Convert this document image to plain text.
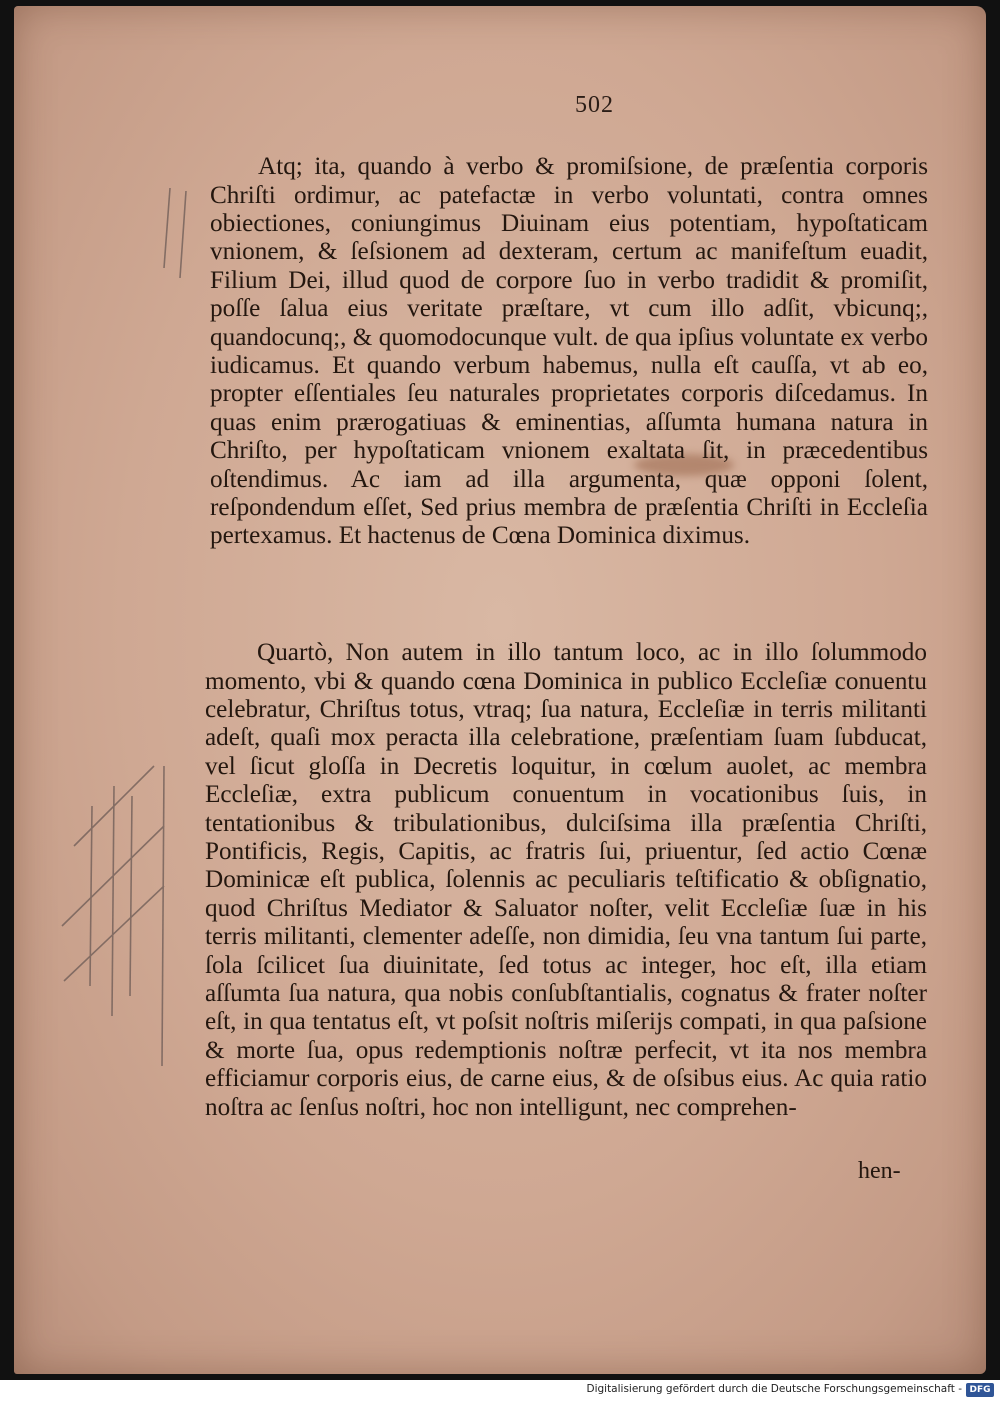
502

Atq; ita, quando à verbo & promiſsione, de præſentia corporis Chriſti ordimur, ac patefactæ in verbo voluntati, contra omnes obiectiones, coniungimus Diuinam eius potentiam, hypoſtaticam vnionem, & ſeſsionem ad dexteram, certum ac manifeſtum euadit, Filium Dei, illud quod de corpore ſuo in verbo tradidit & promiſit, poſſe ſalua eius veritate præſtare, vt cum illo adſit, vbicunq;, quandocunq;, & quomodocunque vult. de qua ipſius voluntate ex verbo iudicamus. Et quando verbum habemus, nulla eſt cauſſa, vt ab eo, propter eſſentiales ſeu naturales proprietates corporis diſcedamus. In quas enim prærogatiuas & eminentias, aſſumta humana natura in Chriſto, per hypoſtaticam vnionem exaltata ſit, in præcedentibus oſtendimus. Ac iam ad illa argumenta, quæ opponi ſolent, reſpondendum eſſet, Sed prius membra de præſentia Chriſti in Eccleſia pertexamus. Et hactenus de Cœna Dominica diximus.

Quartò, Non autem in illo tantum loco, ac in illo ſolummodo momento, vbi & quando cœna Dominica in publico Eccleſiæ conuentu celebratur, Chriſtus totus, vtraq; ſua natura, Eccleſiæ in terris militanti adeſt, quaſi mox peracta illa celebratione, præſentiam ſuam ſubducat, vel ſicut gloſſa in Decretis loquitur, in cœlum auolet, ac membra Eccleſiæ, extra publicum conuentum in vocationibus ſuis, in tentationibus & tribulationibus, dulciſsima illa præſentia Chriſti, Pontificis, Regis, Capitis, ac fratris ſui, priuentur, ſed actio Cœnæ Dominicæ eſt publica, ſolennis ac peculiaris teſtificatio & obſignatio, quod Chriſtus Mediator & Saluator noſter, velit Eccleſiæ ſuæ in his terris militanti, clementer adeſſe, non dimidia, ſeu vna tantum ſui parte, ſola ſcilicet ſua diuinitate, ſed totus ac integer, hoc eſt, illa etiam aſſumta ſua natura, qua nobis conſubſtantialis, cognatus & frater noſter eſt, in qua tentatus eſt, vt poſsit noſtris miſerijs compati, in qua paſsione & morte ſua, opus redemptionis noſtræ perfecit, vt ita nos membra efficiamur corporis eius, de carne eius, & de oſsibus eius. Ac quia ratio noſtra ac ſenſus noſtri, hoc non intelligunt, nec comprehen-

hen-
Digitalisierung gefördert durch die Deutsche Forschungsgemeinschaft - DFG
